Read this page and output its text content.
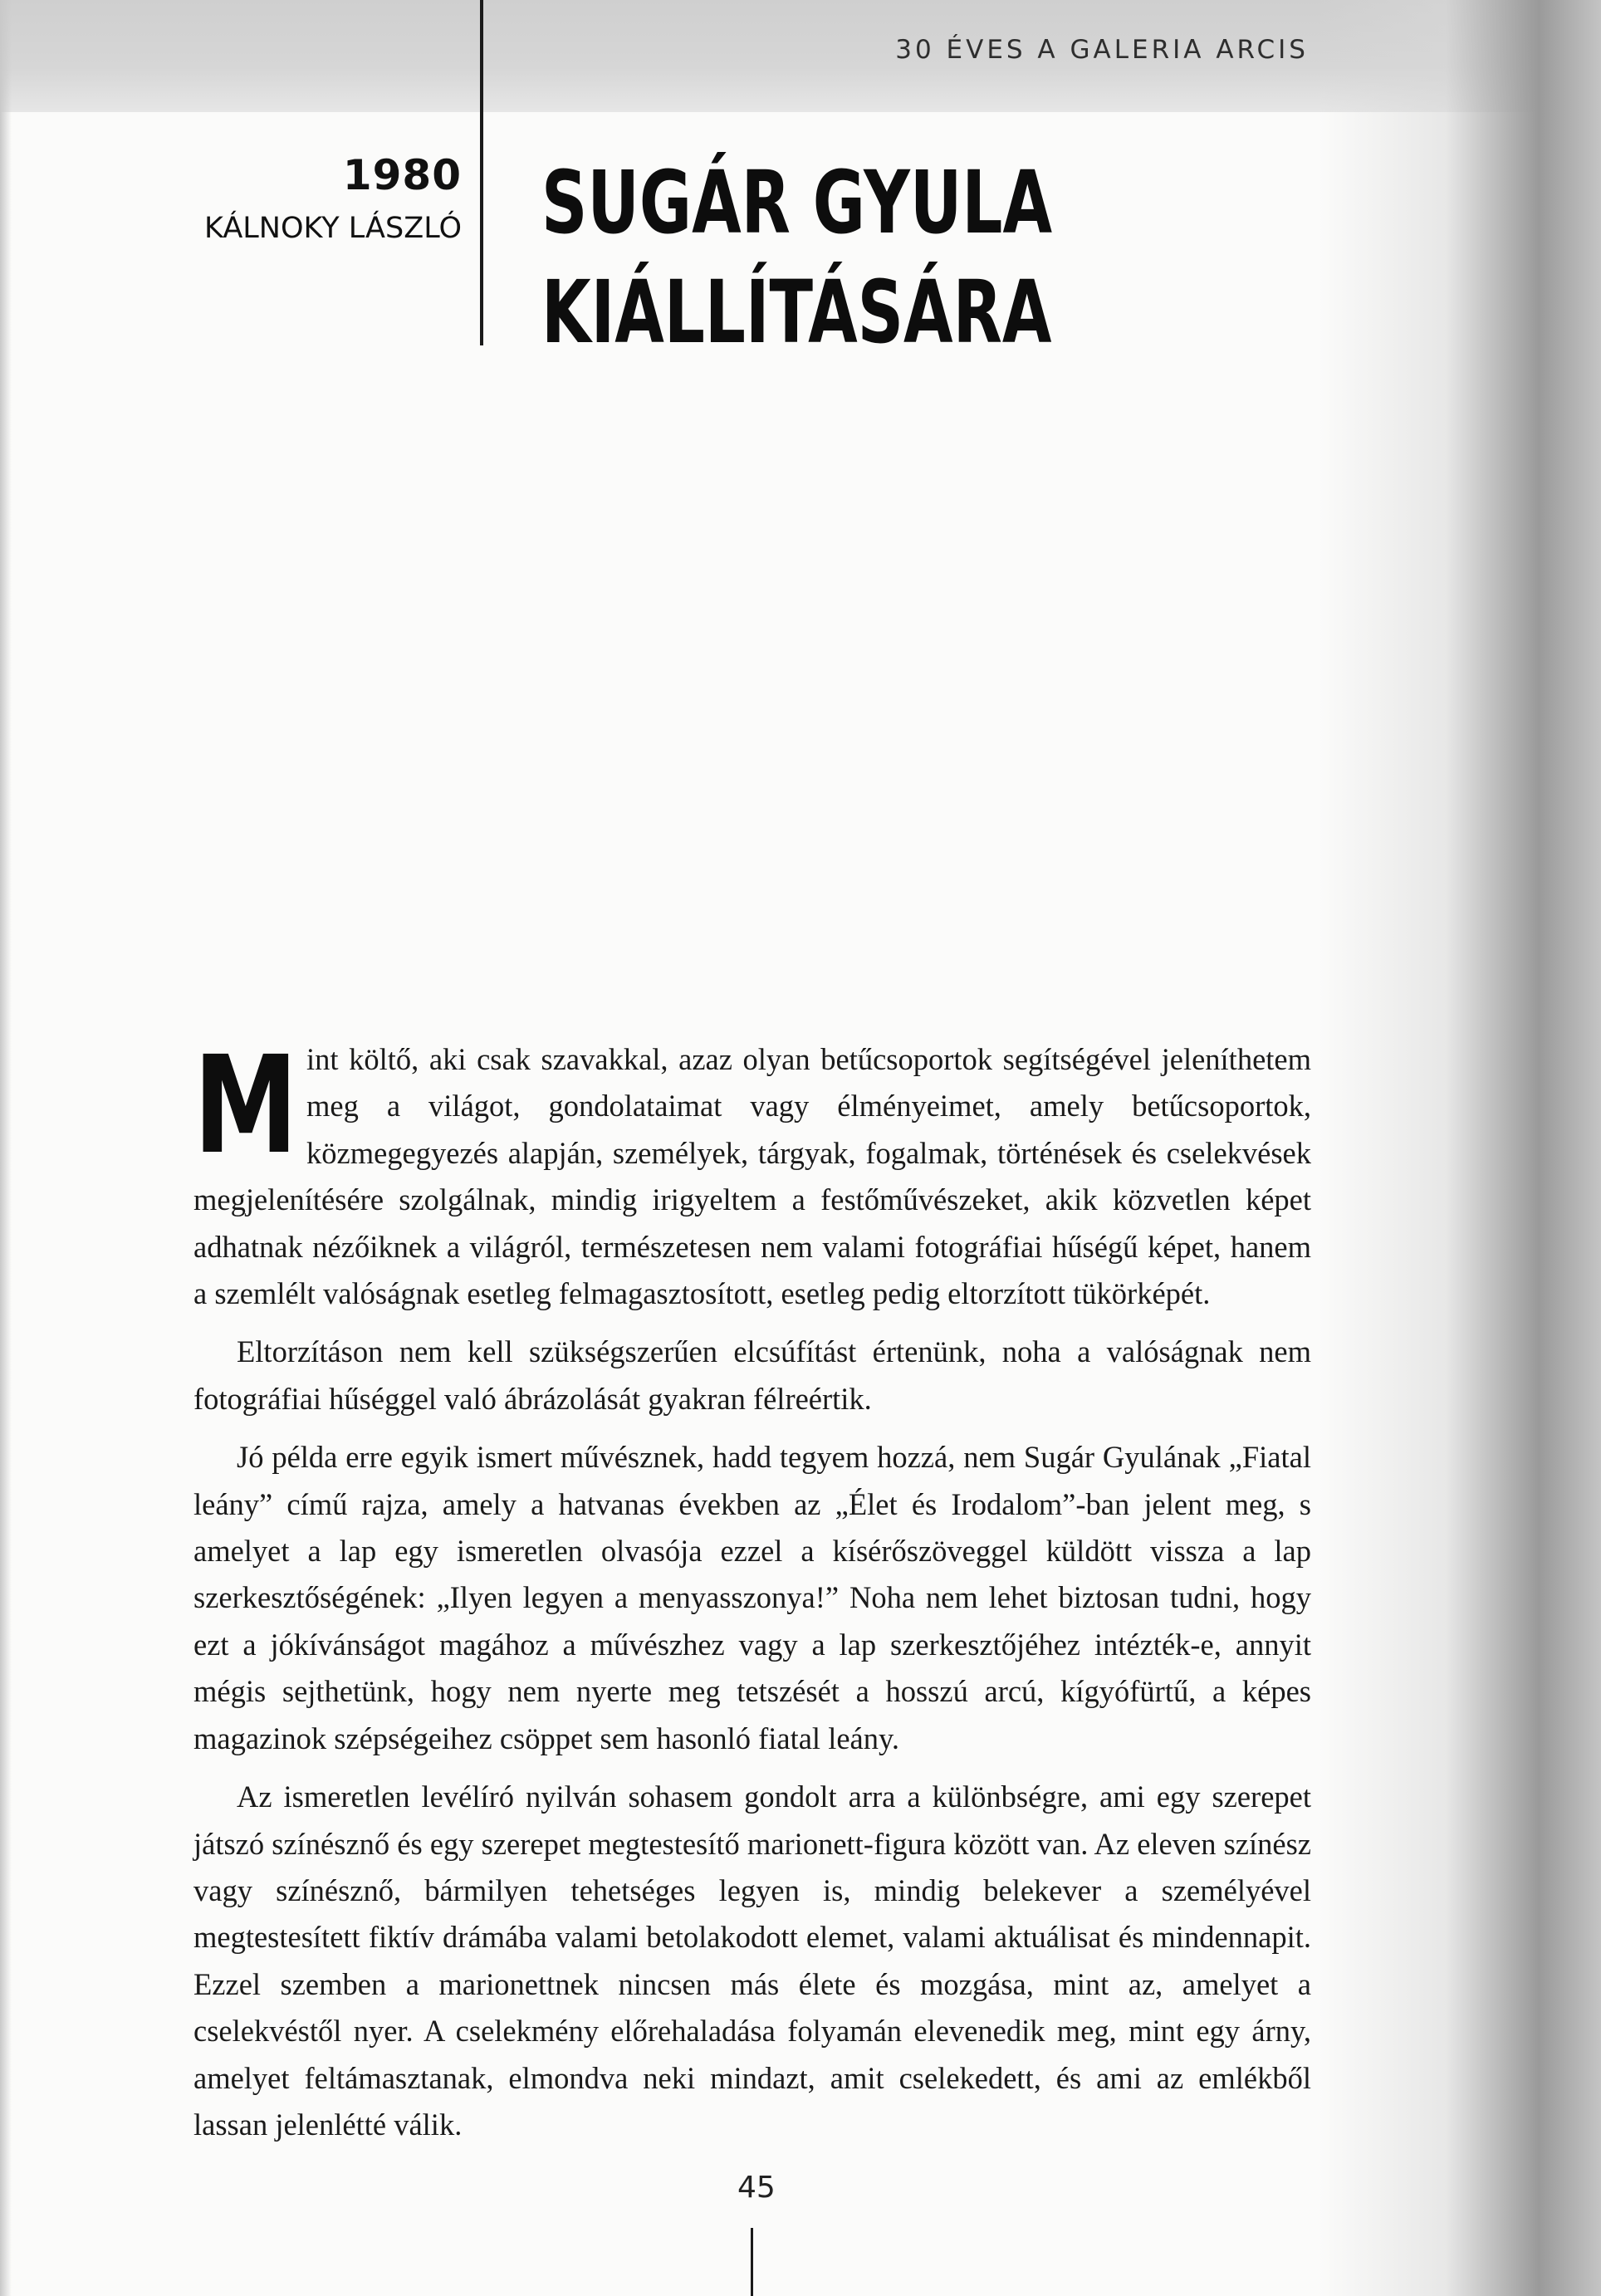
30 ÉVES A GALERIA ARCIS
1980
KÁLNOKY LÁSZLÓ SUGÁR GYULA
KIÁLLÍTÁSÁRA

Mint költő, aki csak szavakkal, azaz olyan betűcsoportok segítségével jeleníthetem meg a világot, gondolataimat vagy élményeimet, amely betűcsoportok, közmegegyezés alapján, személyek, tárgyak, fogalmak, történések és cselekvések megjelenítésére szolgálnak, mindig irigyeltem a festőművészeket, akik közvetlen képet adhatnak nézőiknek a világról, természetesen nem valami fotográfiai hűségű képet, hanem a szemlélt valóságnak esetleg felmagasztosított, esetleg pedig eltorzított tükörképét.

Eltorzításon nem kell szükségszerűen elcsúfítást értenünk, noha a valóságnak nem fotográfiai hűséggel való ábrázolását gyakran félreértik.

Jó példa erre egyik ismert művésznek, hadd tegyem hozzá, nem Sugár Gyulának „Fiatal leány” című rajza, amely a hatvanas években az „Élet és Irodalom”-ban jelent meg, s amelyet a lap egy ismeretlen olvasója ezzel a kísérőszöveggel küldött vissza a lap szerkesztőségének: „Ilyen legyen a menyasszonya!” Noha nem lehet biztosan tudni, hogy ezt a jókívánságot magához a művészhez vagy a lap szerkesztőjéhez intézték-e, annyit mégis sejthetünk, hogy nem nyerte meg tetszését a hosszú arcú, kígyófürtű, a képes magazinok szépségeihez csöppet sem hasonló fiatal leány.

Az ismeretlen levélíró nyilván sohasem gondolt arra a különbségre, ami egy szerepet játszó színésznő és egy szerepet megtestesítő marionett-figura között van. Az eleven színész vagy színésznő, bármilyen tehetséges legyen is, mindig belekever a személyével megtestesített fiktív drámába valami betolakodott elemet, valami aktuálisat és mindennapit. Ezzel szemben a marionettnek nincsen más élete és mozgása, mint az, amelyet a cselekvéstől nyer. A cselekmény előrehaladása folyamán elevenedik meg, mint egy árny, amelyet feltámasztanak, elmondva neki mindazt, amit cselekedett, és ami az emlékből lassan jelenlétté válik.

45
